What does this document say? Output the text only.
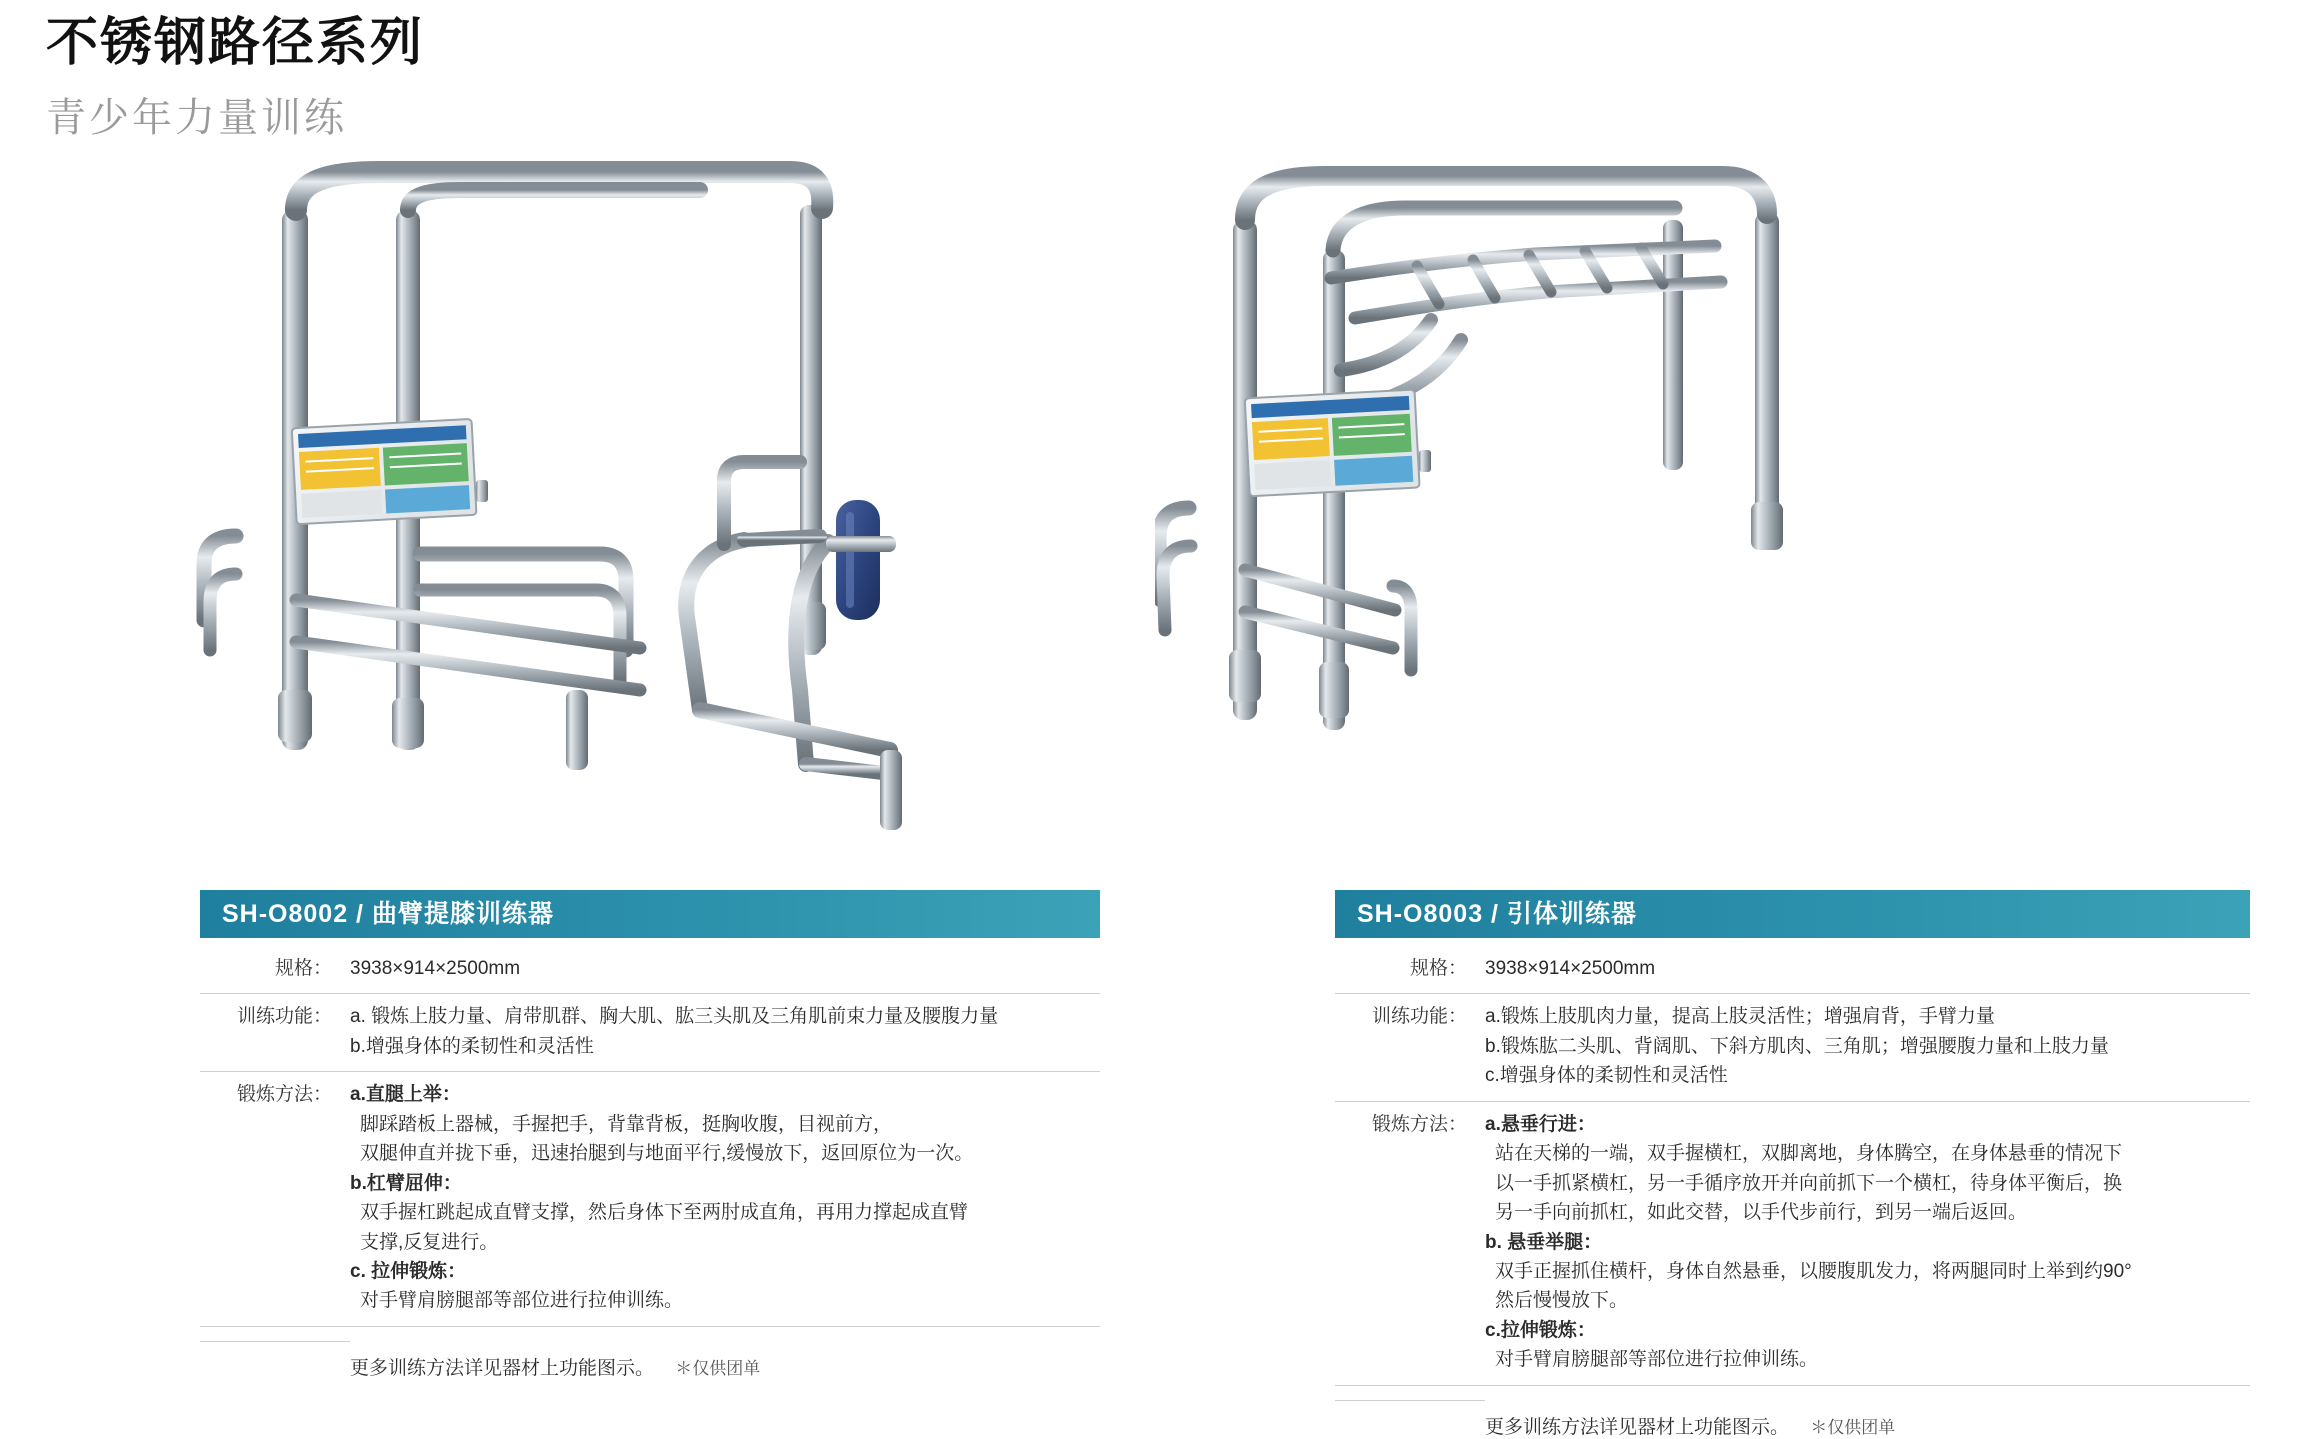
不锈钢路径系列
青少年力量训练
SH-O8002 / 曲臂提膝训练器
规格： 3938×914×2500mm
训练功能： a. 锻炼上肢力量、肩带肌群、胸大肌、肱三头肌及三角肌前束力量及腰腹力量
b.增强身体的柔韧性和灵活性
锻炼方法： a.直腿上举：
脚踩踏板上器械，手握把手，背靠背板，挺胸收腹，目视前方，
双腿伸直并拢下垂，迅速抬腿到与地面平行,缓慢放下，返回原位为一次。
b.杠臂屈伸：
双手握杠跳起成直臂支撑，然后身体下至两肘成直角，再用力撑起成直臂
支撑,反复进行。
c. 拉伸锻炼：
对手臂肩膀腿部等部位进行拉伸训练。
更多训练方法详见器材上功能图示。 ＊仅供团单
SH-O8003 / 引体训练器
规格： 3938×914×2500mm
训练功能： a.锻炼上肢肌肉力量，提高上肢灵活性；增强肩背，手臂力量
b.锻炼肱二头肌、背阔肌、下斜方肌肉、三角肌；增强腰腹力量和上肢力量
c.增强身体的柔韧性和灵活性
锻炼方法： a.悬垂行进：
站在天梯的一端，双手握横杠，双脚离地，身体腾空，在身体悬垂的情况下
以一手抓紧横杠，另一手循序放开并向前抓下一个横杠，待身体平衡后，换
另一手向前抓杠，如此交替，以手代步前行，到另一端后返回。
b. 悬垂举腿：
双手正握抓住横杆，身体自然悬垂，以腰腹肌发力，将两腿同时上举到约90°
然后慢慢放下。
c.拉伸锻炼：
对手臂肩膀腿部等部位进行拉伸训练。
更多训练方法详见器材上功能图示。 ＊仅供团单
